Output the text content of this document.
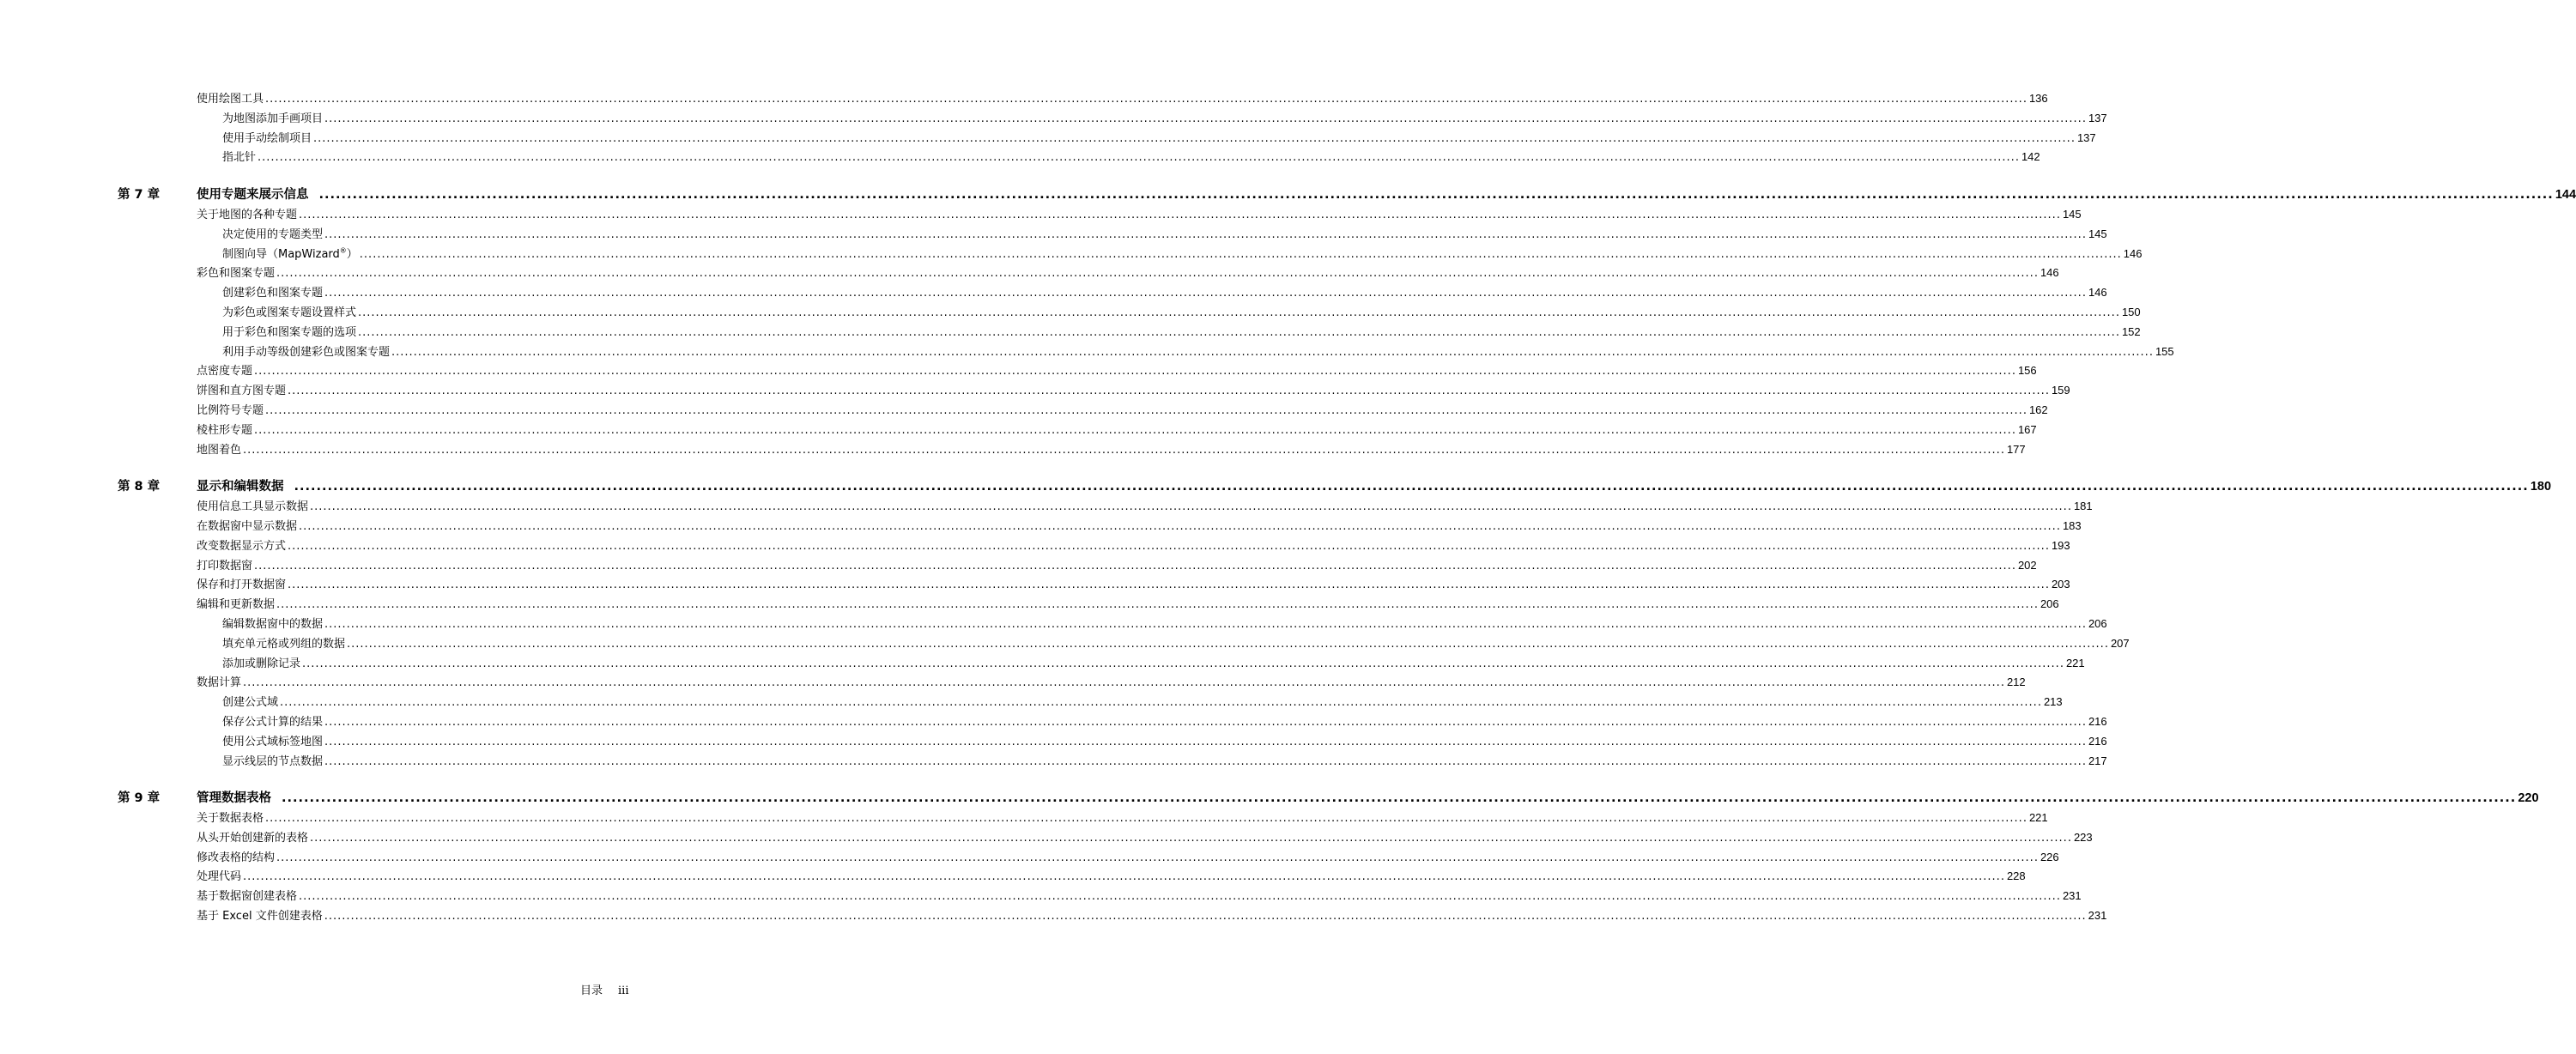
使用绘图工具 ................................................................................................................................................................................................................................................................................................................................................................................................................ 136
为地图添加手画项目 ................................................................................................................................................................................................................................................................................................................................................................................................................ 137
使用手动绘制项目 ................................................................................................................................................................................................................................................................................................................................................................................................................ 137
指北针 ................................................................................................................................................................................................................................................................................................................................................................................................................ 142
第 7 章	使用专题来展示信息 ................................................................................................................................................................................................................................................................................................................................................................................................................ 144
关于地图的各种专题 ................................................................................................................................................................................................................................................................................................................................................................................................................ 145
决定使用的专题类型 ................................................................................................................................................................................................................................................................................................................................................................................................................ 145
制图向导（MapWizard®） ................................................................................................................................................................................................................................................................................................................................................................................................................ 146
彩色和图案专题 ................................................................................................................................................................................................................................................................................................................................................................................................................ 146
创建彩色和图案专题 ................................................................................................................................................................................................................................................................................................................................................................................................................ 146
为彩色或图案专题设置样式 ................................................................................................................................................................................................................................................................................................................................................................................................................ 150
用于彩色和图案专题的选项 ................................................................................................................................................................................................................................................................................................................................................................................................................ 152
利用手动等级创建彩色或图案专题 ................................................................................................................................................................................................................................................................................................................................................................................................................ 155
点密度专题 ................................................................................................................................................................................................................................................................................................................................................................................................................ 156
饼图和直方图专题 ................................................................................................................................................................................................................................................................................................................................................................................................................ 159
比例符号专题 ................................................................................................................................................................................................................................................................................................................................................................................................................ 162
棱柱形专题 ................................................................................................................................................................................................................................................................................................................................................................................................................ 167
地图着色 ................................................................................................................................................................................................................................................................................................................................................................................................................ 177
第 8 章	显示和编辑数据 ................................................................................................................................................................................................................................................................................................................................................................................................................ 180
使用信息工具显示数据 ................................................................................................................................................................................................................................................................................................................................................................................................................ 181
在数据窗中显示数据 ................................................................................................................................................................................................................................................................................................................................................................................................................ 183
改变数据显示方式 ................................................................................................................................................................................................................................................................................................................................................................................................................ 193
打印数据窗 ................................................................................................................................................................................................................................................................................................................................................................................................................ 202
保存和打开数据窗 ................................................................................................................................................................................................................................................................................................................................................................................................................ 203
编辑和更新数据 ................................................................................................................................................................................................................................................................................................................................................................................................................ 206
编辑数据窗中的数据 ................................................................................................................................................................................................................................................................................................................................................................................................................ 206
填充单元格或列组的数据 ................................................................................................................................................................................................................................................................................................................................................................................................................ 207
添加或删除记录 ................................................................................................................................................................................................................................................................................................................................................................................................................ 221
数据计算 ................................................................................................................................................................................................................................................................................................................................................................................................................ 212
创建公式域 ................................................................................................................................................................................................................................................................................................................................................................................................................ 213
保存公式计算的结果 ................................................................................................................................................................................................................................................................................................................................................................................................................ 216
使用公式域标签地图 ................................................................................................................................................................................................................................................................................................................................................................................................................ 216
显示线层的节点数据 ................................................................................................................................................................................................................................................................................................................................................................................................................ 217
第 9 章	管理数据表格 ................................................................................................................................................................................................................................................................................................................................................................................................................ 220
关于数据表格 ................................................................................................................................................................................................................................................................................................................................................................................................................ 221
从头开始创建新的表格 ................................................................................................................................................................................................................................................................................................................................................................................................................ 223
修改表格的结构 ................................................................................................................................................................................................................................................................................................................................................................................................................ 226
处理代码 ................................................................................................................................................................................................................................................................................................................................................................................................................ 228
基于数据窗创建表格 ................................................................................................................................................................................................................................................................................................................................................................................................................ 231
基于 Excel 文件创建表格 ................................................................................................................................................................................................................................................................................................................................................................................................................ 231
目录 iii
